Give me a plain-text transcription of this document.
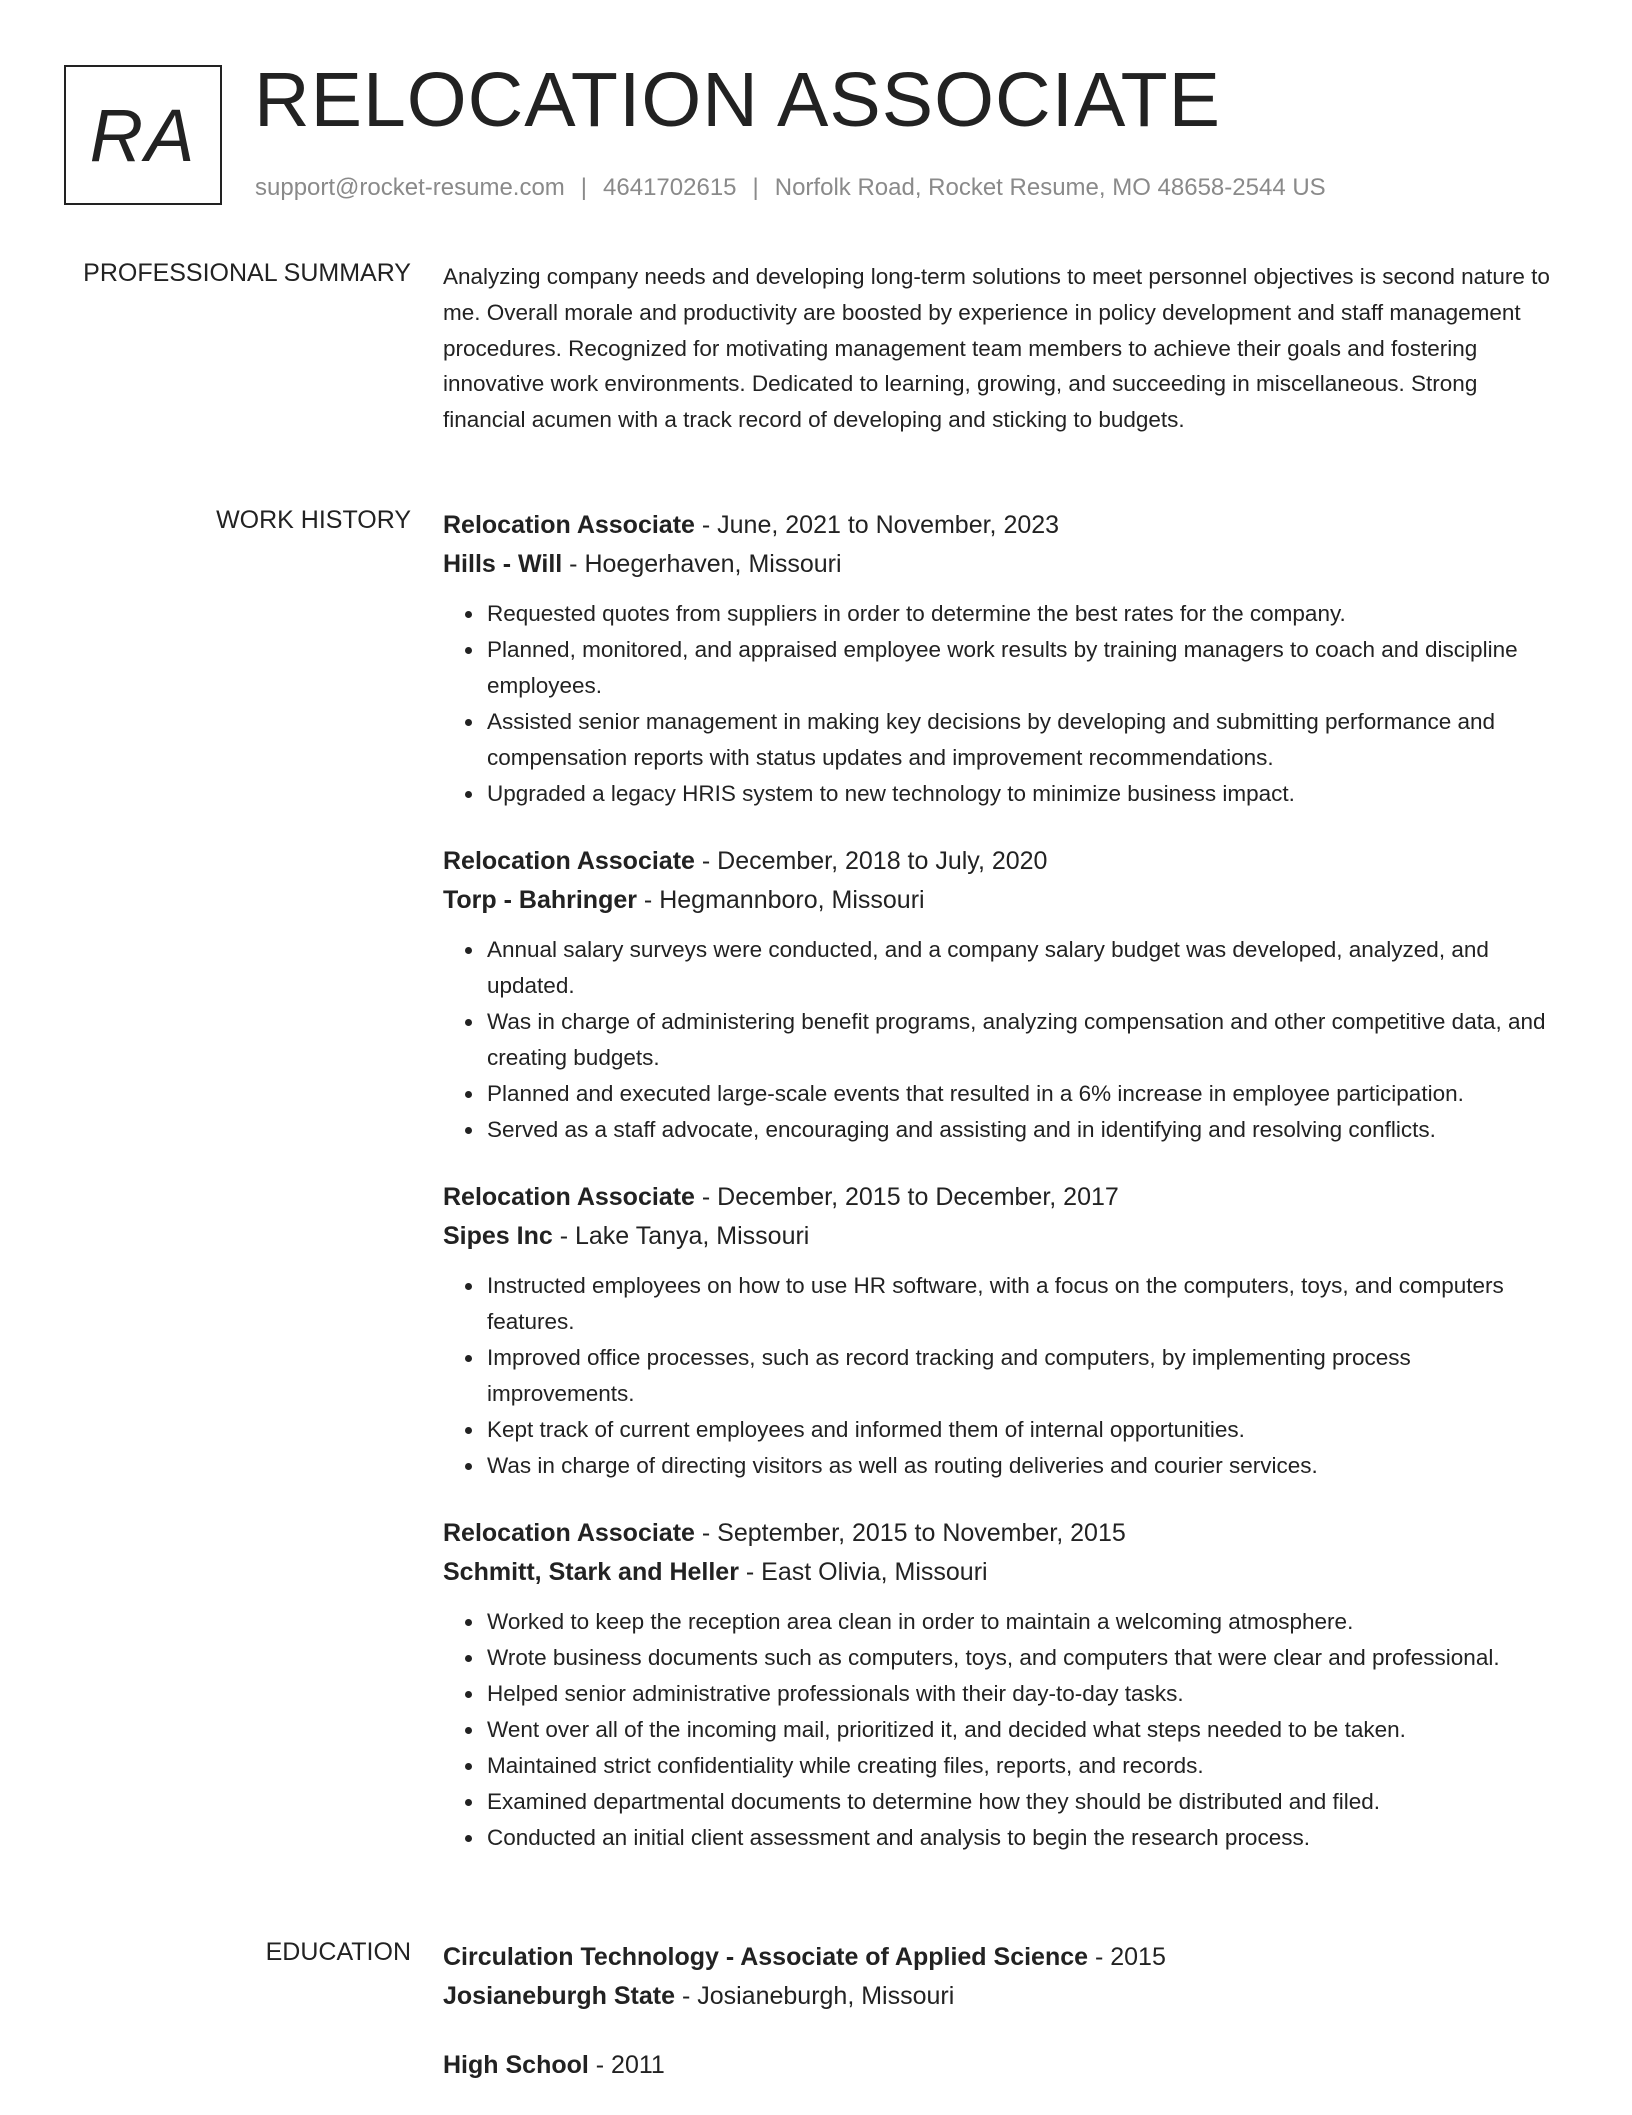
RA RELOCATION ASSOCIATE
support@rocket-resume.com | 4641702615 | Norfolk Road, Rocket Resume, MO 48658-2544 US
PROFESSIONAL SUMMARY Analyzing company needs and developing long-term solutions to meet personnel objectives is second nature to me. Overall morale and productivity are boosted by experience in policy development and staff management procedures. Recognized for motivating management team members to achieve their goals and fostering innovative work environments. Dedicated to learning, growing, and succeeding in miscellaneous. Strong financial acumen with a track record of developing and sticking to budgets.

WORK HISTORY Relocation Associate - June, 2021 to November, 2023
Hills - Will - Hoegerhaven, Missouri
Requested quotes from suppliers in order to determine the best rates for the company.
Planned, monitored, and appraised employee work results by training managers to coach and discipline employees.
Assisted senior management in making key decisions by developing and submitting performance and compensation reports with status updates and improvement recommendations.
Upgraded a legacy HRIS system to new technology to minimize business impact.
Relocation Associate - December, 2018 to July, 2020
Torp - Bahringer - Hegmannboro, Missouri
Annual salary surveys were conducted, and a company salary budget was developed, analyzed, and updated.
Was in charge of administering benefit programs, analyzing compensation and other competitive data, and creating budgets.
Planned and executed large-scale events that resulted in a 6% increase in employee participation.
Served as a staff advocate, encouraging and assisting and in identifying and resolving conflicts.
Relocation Associate - December, 2015 to December, 2017
Sipes Inc - Lake Tanya, Missouri
Instructed employees on how to use HR software, with a focus on the computers, toys, and computers features.
Improved office processes, such as record tracking and computers, by implementing process improvements.
Kept track of current employees and informed them of internal opportunities.
Was in charge of directing visitors as well as routing deliveries and courier services.
Relocation Associate - September, 2015 to November, 2015
Schmitt, Stark and Heller - East Olivia, Missouri
Worked to keep the reception area clean in order to maintain a welcoming atmosphere.
Wrote business documents such as computers, toys, and computers that were clear and professional.
Helped senior administrative professionals with their day-to-day tasks.
Went over all of the incoming mail, prioritized it, and decided what steps needed to be taken.
Maintained strict confidentiality while creating files, reports, and records.
Examined departmental documents to determine how they should be distributed and filed.
Conducted an initial client assessment and analysis to begin the research process.
EDUCATION Circulation Technology - Associate of Applied Science - 2015
Josianeburgh State - Josianeburgh, Missouri
High School - 2011
